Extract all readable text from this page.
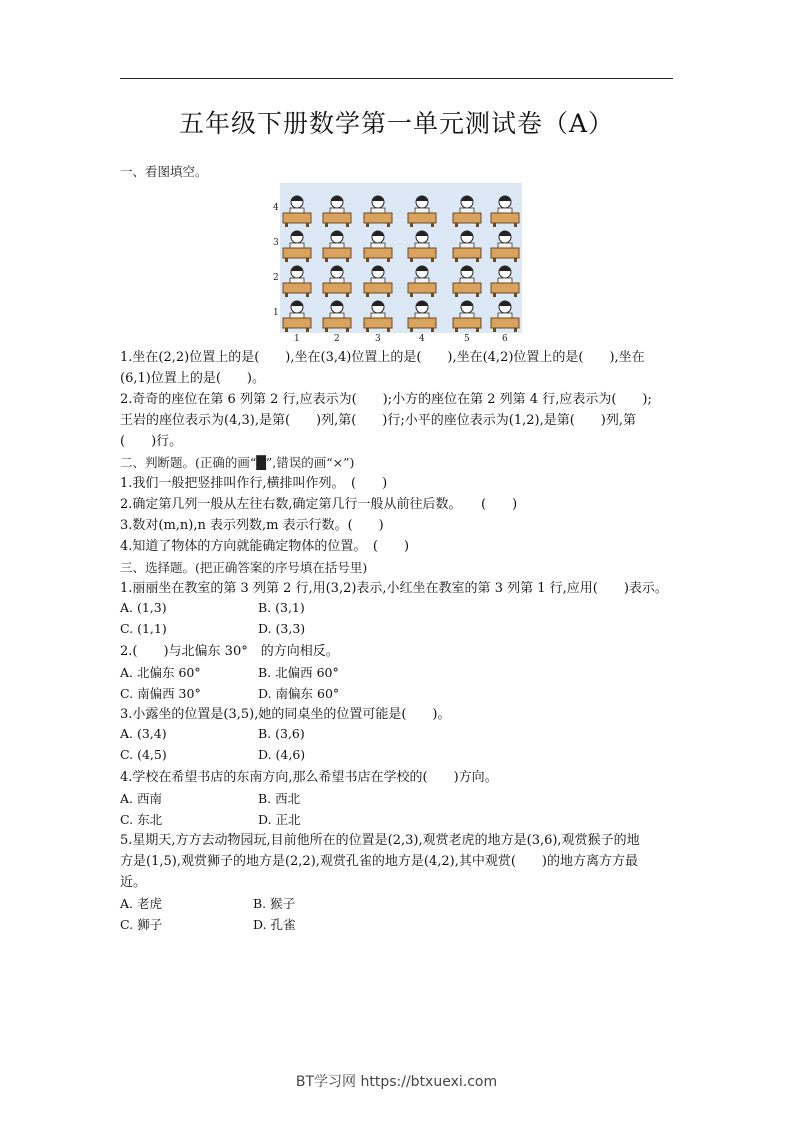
五年级下册数学第一单元测试卷（A）
一、看图填空。
4
3
2
1
1	2	3	4	5	6
1.坐在(2,2)位置上的是(　　),坐在(3,4)位置上的是(　　),坐在(4,2)位置上的是(　　),坐在
(6,1)位置上的是(　　)。
2.奇奇的座位在第 6 列第 2 行,应表示为(　　);小方的座位在第 2 列第 4 行,应表示为(　　);
王岩的座位表示为(4,3),是第(　　)列,第(　　)行;小平的座位表示为(1,2),是第(　　)列,第
(　　)行。
二、判断题。(正确的画“█”,错误的画“×”)
1.我们一般把竖排叫作行,横排叫作列。　(　　)
2.确定第几列一般从左往右数,确定第几行一般从前往后数。　　(　　)
3.数对(m,n),n 表示列数,m 表示行数。(　　)
4.知道了物体的方向就能确定物体的位置。　(　　)
三、选择题。(把正确答案的序号填在括号里)
1.丽丽坐在教室的第 3 列第 2 行,用(3,2)表示,小红坐在教室的第 3 列第 1 行,应用(　　)表示。
A. (1,3)	B. (3,1)
C. (1,1)	D. (3,3)
2.(　　)与北偏东 30°　的方向相反。
A. 北偏东 60°	B. 北偏西 60°
C. 南偏西 30°	D. 南偏东 60°
3.小露坐的位置是(3,5),她的同桌坐的位置可能是(　　)。
A. (3,4)	B. (3,6)
C. (4,5)	D. (4,6)
4.学校在希望书店的东南方向,那么希望书店在学校的(　　)方向。
A. 西南	B. 西北
C. 东北	D. 正北
5.星期天,方方去动物园玩,目前他所在的位置是(2,3),观赏老虎的地方是(3,6),观赏猴子的地
方是(1,5),观赏狮子的地方是(2,2),观赏孔雀的地方是(4,2),其中观赏(　　)的地方离方方最
近。
A. 老虎	B. 猴子
C. 狮子	D. 孔雀
BT学习网 https://btxuexi.com
